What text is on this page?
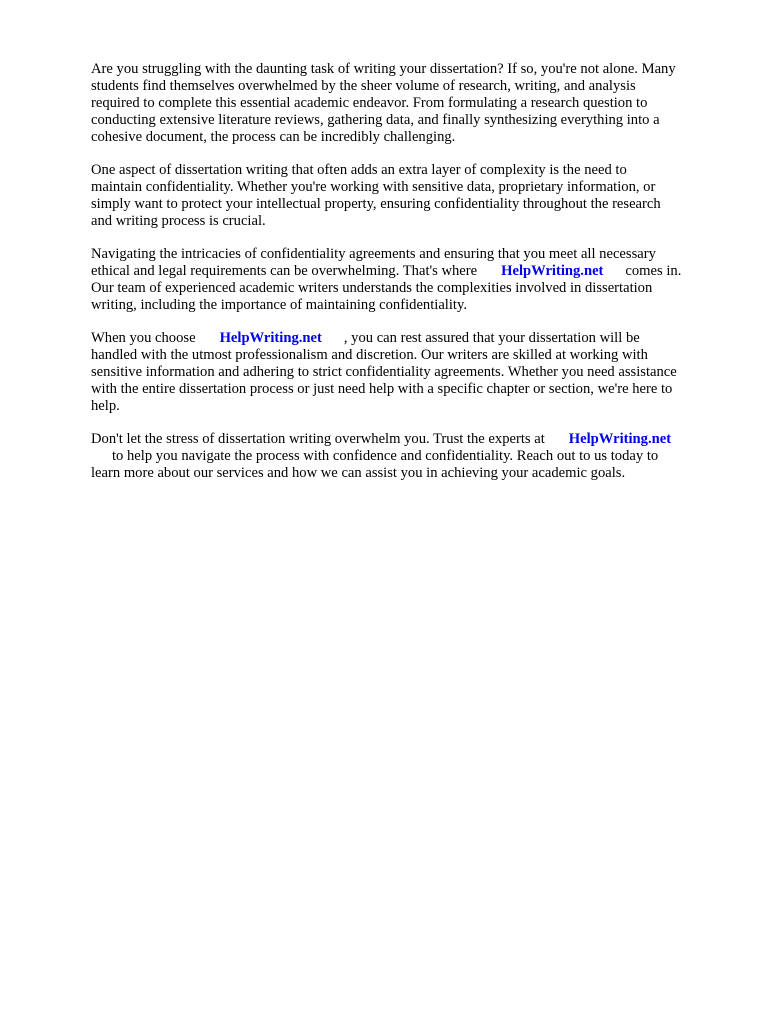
Are you struggling with the daunting task of writing your dissertation? If so, you're not alone. Many
students find themselves overwhelmed by the sheer volume of research, writing, and analysis
required to complete this essential academic endeavor. From formulating a research question to
conducting extensive literature reviews, gathering data, and finally synthesizing everything into a
cohesive document, the process can be incredibly challenging.

One aspect of dissertation writing that often adds an extra layer of complexity is the need to
maintain confidentiality. Whether you're working with sensitive data, proprietary information, or
simply want to protect your intellectual property, ensuring confidentiality throughout the research
and writing process is crucial.

Navigating the intricacies of confidentiality agreements and ensuring that you meet all necessary
ethical and legal requirements can be overwhelming. That's where HelpWriting.net comes in.
Our team of experienced academic writers understands the complexities involved in dissertation
writing, including the importance of maintaining confidentiality.

When you choose HelpWriting.net , you can rest assured that your dissertation will be
handled with the utmost professionalism and discretion. Our writers are skilled at working with
sensitive information and adhering to strict confidentiality agreements. Whether you need assistance
with the entire dissertation process or just need help with a specific chapter or section, we're here to
help.

Don't let the stress of dissertation writing overwhelm you. Trust the experts at HelpWriting.net
to help you navigate the process with confidence and confidentiality. Reach out to us today to
learn more about our services and how we can assist you in achieving your academic goals.
